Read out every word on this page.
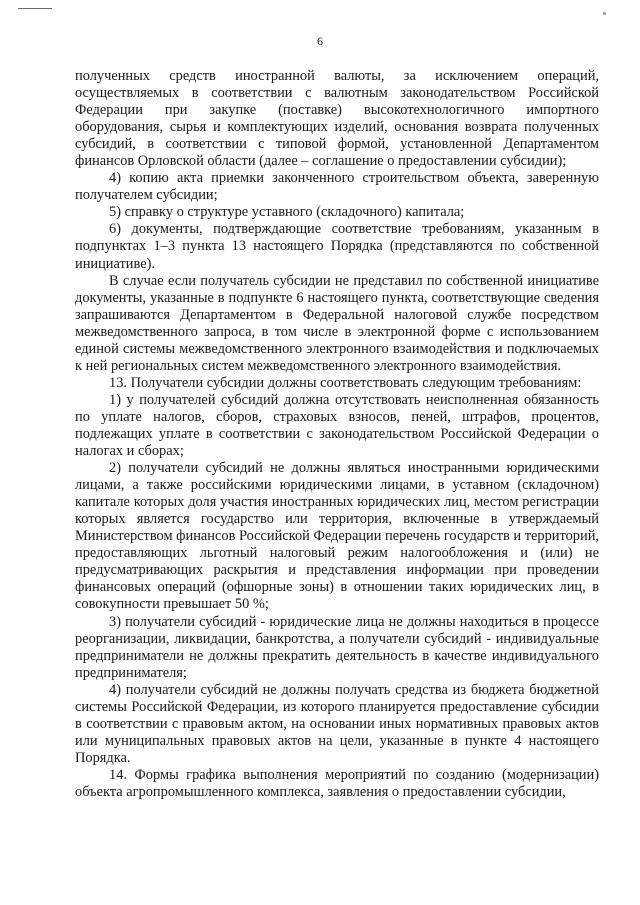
6

полученных средств иностранной валюты, за исключением операций, осуществляемых в соответствии с валютным законодательством Российской Федерации при закупке (поставке) высокотехнологичного импортного оборудования, сырья и комплектующих изделий, основания возврата полученных субсидий, в соответствии с типовой формой, установленной Департаментом финансов Орловской области (далее – соглашение о предоставлении субсидии);

4) копию акта приемки законченного строительством объекта, заверенную получателем субсидии;

5) справку о структуре уставного (складочного) капитала;

6) документы, подтверждающие соответствие требованиям, указанным в подпунктах 1–3 пункта 13 настоящего Порядка (представляются по собственной инициативе).

В случае если получатель субсидии не представил по собственной инициативе документы, указанные в подпункте 6 настоящего пункта, соответствующие сведения запрашиваются Департаментом в Федеральной налоговой службе посредством межведомственного запроса, в том числе в электронной форме с использованием единой системы межведомственного электронного взаимодействия и подключаемых к ней региональных систем межведомственного электронного взаимодействия.

13. Получатели субсидии должны соответствовать следующим требованиям:

1) у получателей субсидий должна отсутствовать неисполненная обязанность по уплате налогов, сборов, страховых взносов, пеней, штрафов, процентов, подлежащих уплате в соответствии с законодательством Российской Федерации о налогах и сборах;

2) получатели субсидий не должны являться иностранными юридическими лицами, а также российскими юридическими лицами, в уставном (складочном) капитале которых доля участия иностранных юридических лиц, местом регистрации которых является государство или территория, включенные в утверждаемый Министерством финансов Российской Федерации перечень государств и территорий, предоставляющих льготный налоговый режим налогообложения и (или) не предусматривающих раскрытия и представления информации при проведении финансовых операций (офшорные зоны) в отношении таких юридических лиц, в совокупности превышает 50 %;

3) получатели субсидий - юридические лица не должны находиться в процессе реорганизации, ликвидации, банкротства, а получатели субсидий - индивидуальные предприниматели не должны прекратить деятельность в качестве индивидуального предпринимателя;

4) получатели субсидий не должны получать средства из бюджета бюджетной системы Российской Федерации, из которого планируется предоставление субсидии в соответствии с правовым актом, на основании иных нормативных правовых актов или муниципальных правовых актов на цели, указанные в пункте 4 настоящего Порядка.

14. Формы графика выполнения мероприятий по созданию (модернизации) объекта агропромышленного комплекса, заявления о предоставлении субсидии,
